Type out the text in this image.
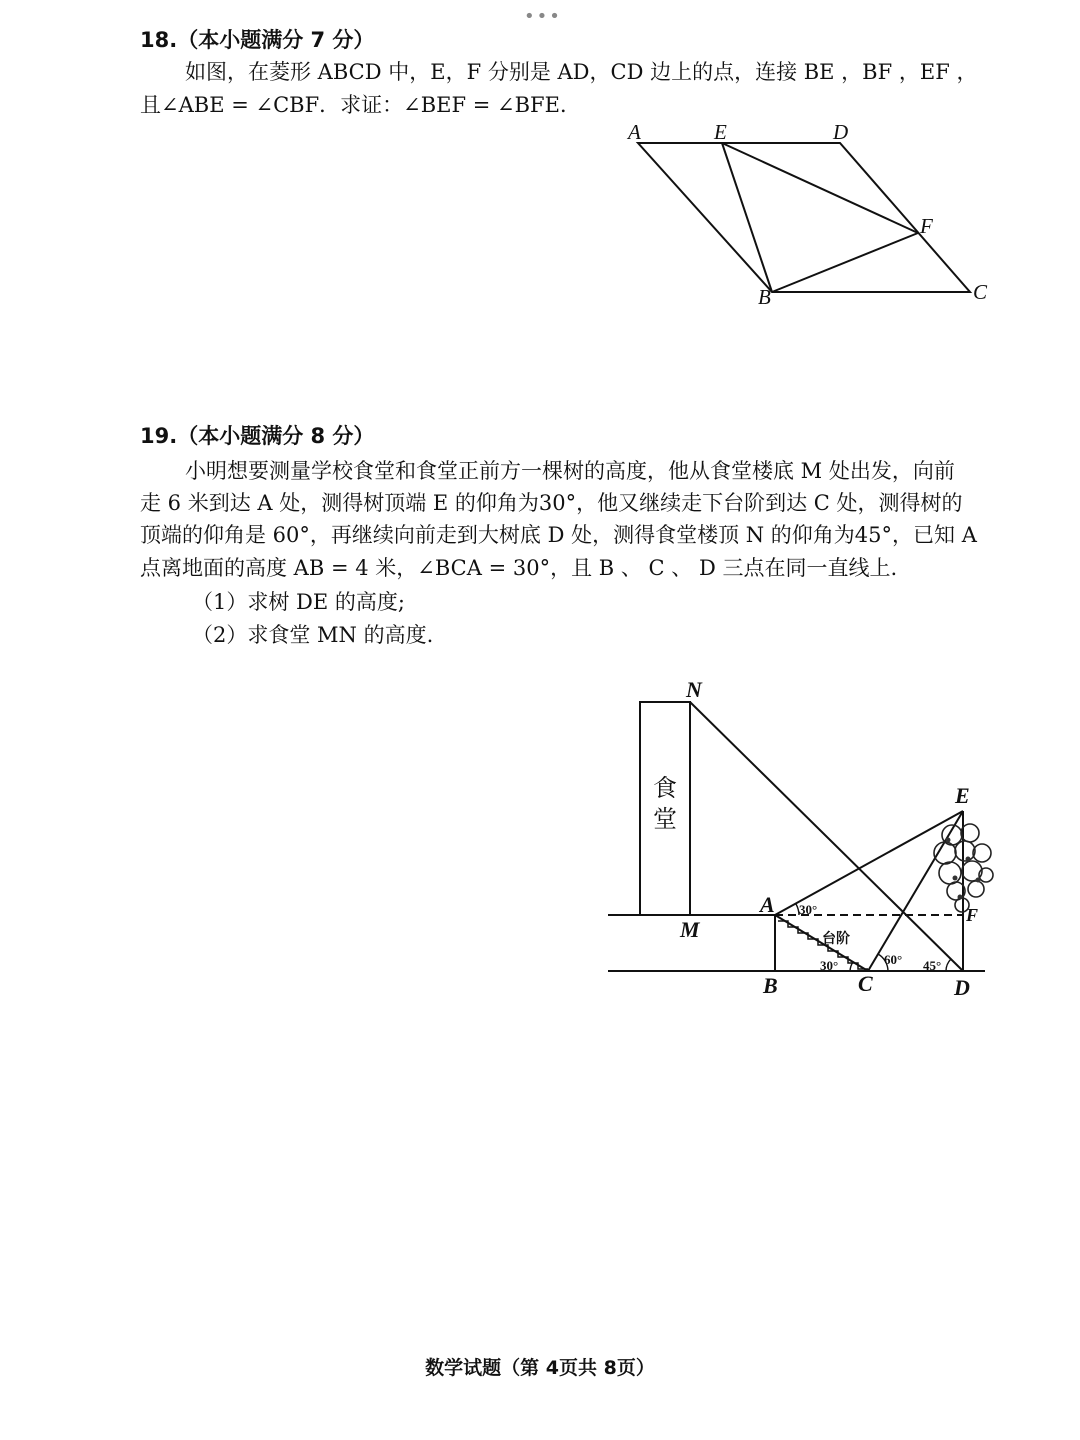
•••
18.（本小题满分 7 分）
如图，在菱形 ABCD 中，E，F 分别是 AD，CD 边上的点，连接 BE ，BF ，EF ，
且∠ABE = ∠CBF．求证：∠BEF = ∠BFE．
A	E	D
F
B	C
19.（本小题满分 8 分）
小明想要测量学校食堂和食堂正前方一棵树的高度，他从食堂楼底 M 处出发，向前
走 6 米到达 A 处，测得树顶端 E 的仰角为30°，他又继续走下台阶到达 C 处，测得树的
顶端的仰角是 60°，再继续向前走到大树底 D 处，测得食堂楼顶 N 的仰角为45°，已知 A
点离地面的高度 AB = 4 米，∠BCA = 30°，且 B 、 C 、 D 三点在同一直线上.
（1）求树 DE 的高度;
（2）求食堂 MN 的高度.
N
M
A
B	C	D
E
F
食
堂
30°
30°	60° 45°
台阶
数学试题（第 4页共 8页）
